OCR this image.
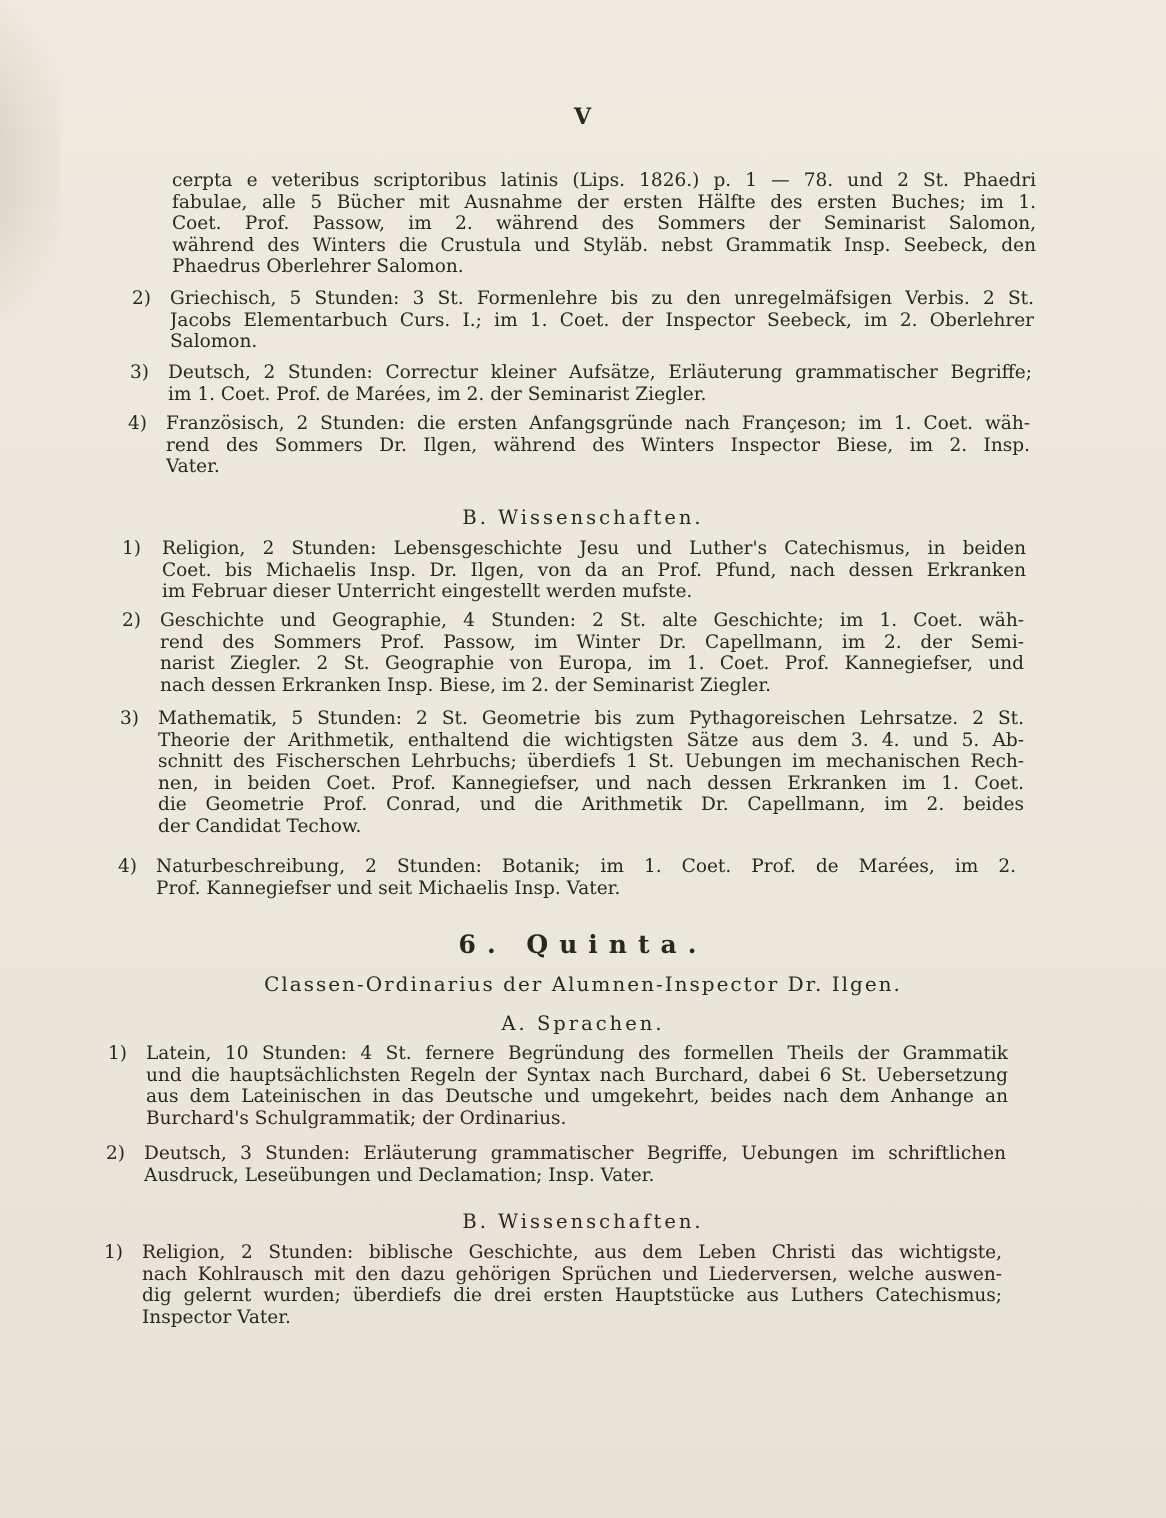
V
cerpta e veteribus scriptoribus latinis (Lips. 1826.) p. 1 — 78. und 2 St. Phaedri
fabulae, alle 5 Bücher mit Ausnahme der ersten Hälfte des ersten Buches; im 1.
Coet. Prof. Passow, im 2. während des Sommers der Seminarist Salomon,
während des Winters die Crustula und Styläb. nebst Grammatik Insp. Seebeck, den
Phaedrus Oberlehrer Salomon.
2) Griechisch, 5 Stunden: 3 St. Formenlehre bis zu den unregelmäfsigen Verbis. 2 St.
Jacobs Elementarbuch Curs. I.; im 1. Coet. der Inspector Seebeck, im 2. Oberlehrer
Salomon.
3) Deutsch, 2 Stunden: Correctur kleiner Aufsätze, Erläuterung grammatischer Begriffe;
im 1. Coet. Prof. de Marées, im 2. der Seminarist Ziegler.
4) Französisch, 2 Stunden: die ersten Anfangsgründe nach Françeson; im 1. Coet. wäh-
rend des Sommers Dr. Ilgen, während des Winters Inspector Biese, im 2. Insp.
Vater.
B. Wissenschaften.
1) Religion, 2 Stunden: Lebensgeschichte Jesu und Luther's Catechismus, in beiden
Coet. bis Michaelis Insp. Dr. Ilgen, von da an Prof. Pfund, nach dessen Erkranken
im Februar dieser Unterricht eingestellt werden mufste.
2) Geschichte und Geographie, 4 Stunden: 2 St. alte Geschichte; im 1. Coet. wäh-
rend des Sommers Prof. Passow, im Winter Dr. Capellmann, im 2. der Semi-
narist Ziegler. 2 St. Geographie von Europa, im 1. Coet. Prof. Kannegiefser, und
nach dessen Erkranken Insp. Biese, im 2. der Seminarist Ziegler.
3) Mathematik, 5 Stunden: 2 St. Geometrie bis zum Pythagoreischen Lehrsatze. 2 St.
Theorie der Arithmetik, enthaltend die wichtigsten Sätze aus dem 3. 4. und 5. Ab-
schnitt des Fischerschen Lehrbuchs; überdiefs 1 St. Uebungen im mechanischen Rech-
nen, in beiden Coet. Prof. Kannegiefser, und nach dessen Erkranken im 1. Coet.
die Geometrie Prof. Conrad, und die Arithmetik Dr. Capellmann, im 2. beides
der Candidat Techow.
4) Naturbeschreibung, 2 Stunden: Botanik; im 1. Coet. Prof. de Marées, im 2.
Prof. Kannegiefser und seit Michaelis Insp. Vater.
6. Quinta.
Classen-Ordinarius der Alumnen-Inspector Dr. Ilgen.
A. Sprachen.
1) Latein, 10 Stunden: 4 St. fernere Begründung des formellen Theils der Grammatik
und die hauptsächlichsten Regeln der Syntax nach Burchard, dabei 6 St. Uebersetzung
aus dem Lateinischen in das Deutsche und umgekehrt, beides nach dem Anhange an
Burchard's Schulgrammatik; der Ordinarius.
2) Deutsch, 3 Stunden: Erläuterung grammatischer Begriffe, Uebungen im schriftlichen
Ausdruck, Leseübungen und Declamation; Insp. Vater.
B. Wissenschaften.
1) Religion, 2 Stunden: biblische Geschichte, aus dem Leben Christi das wichtigste,
nach Kohlrausch mit den dazu gehörigen Sprüchen und Liederversen, welche auswen-
dig gelernt wurden; überdiefs die drei ersten Hauptstücke aus Luthers Catechismus;
Inspector Vater.
